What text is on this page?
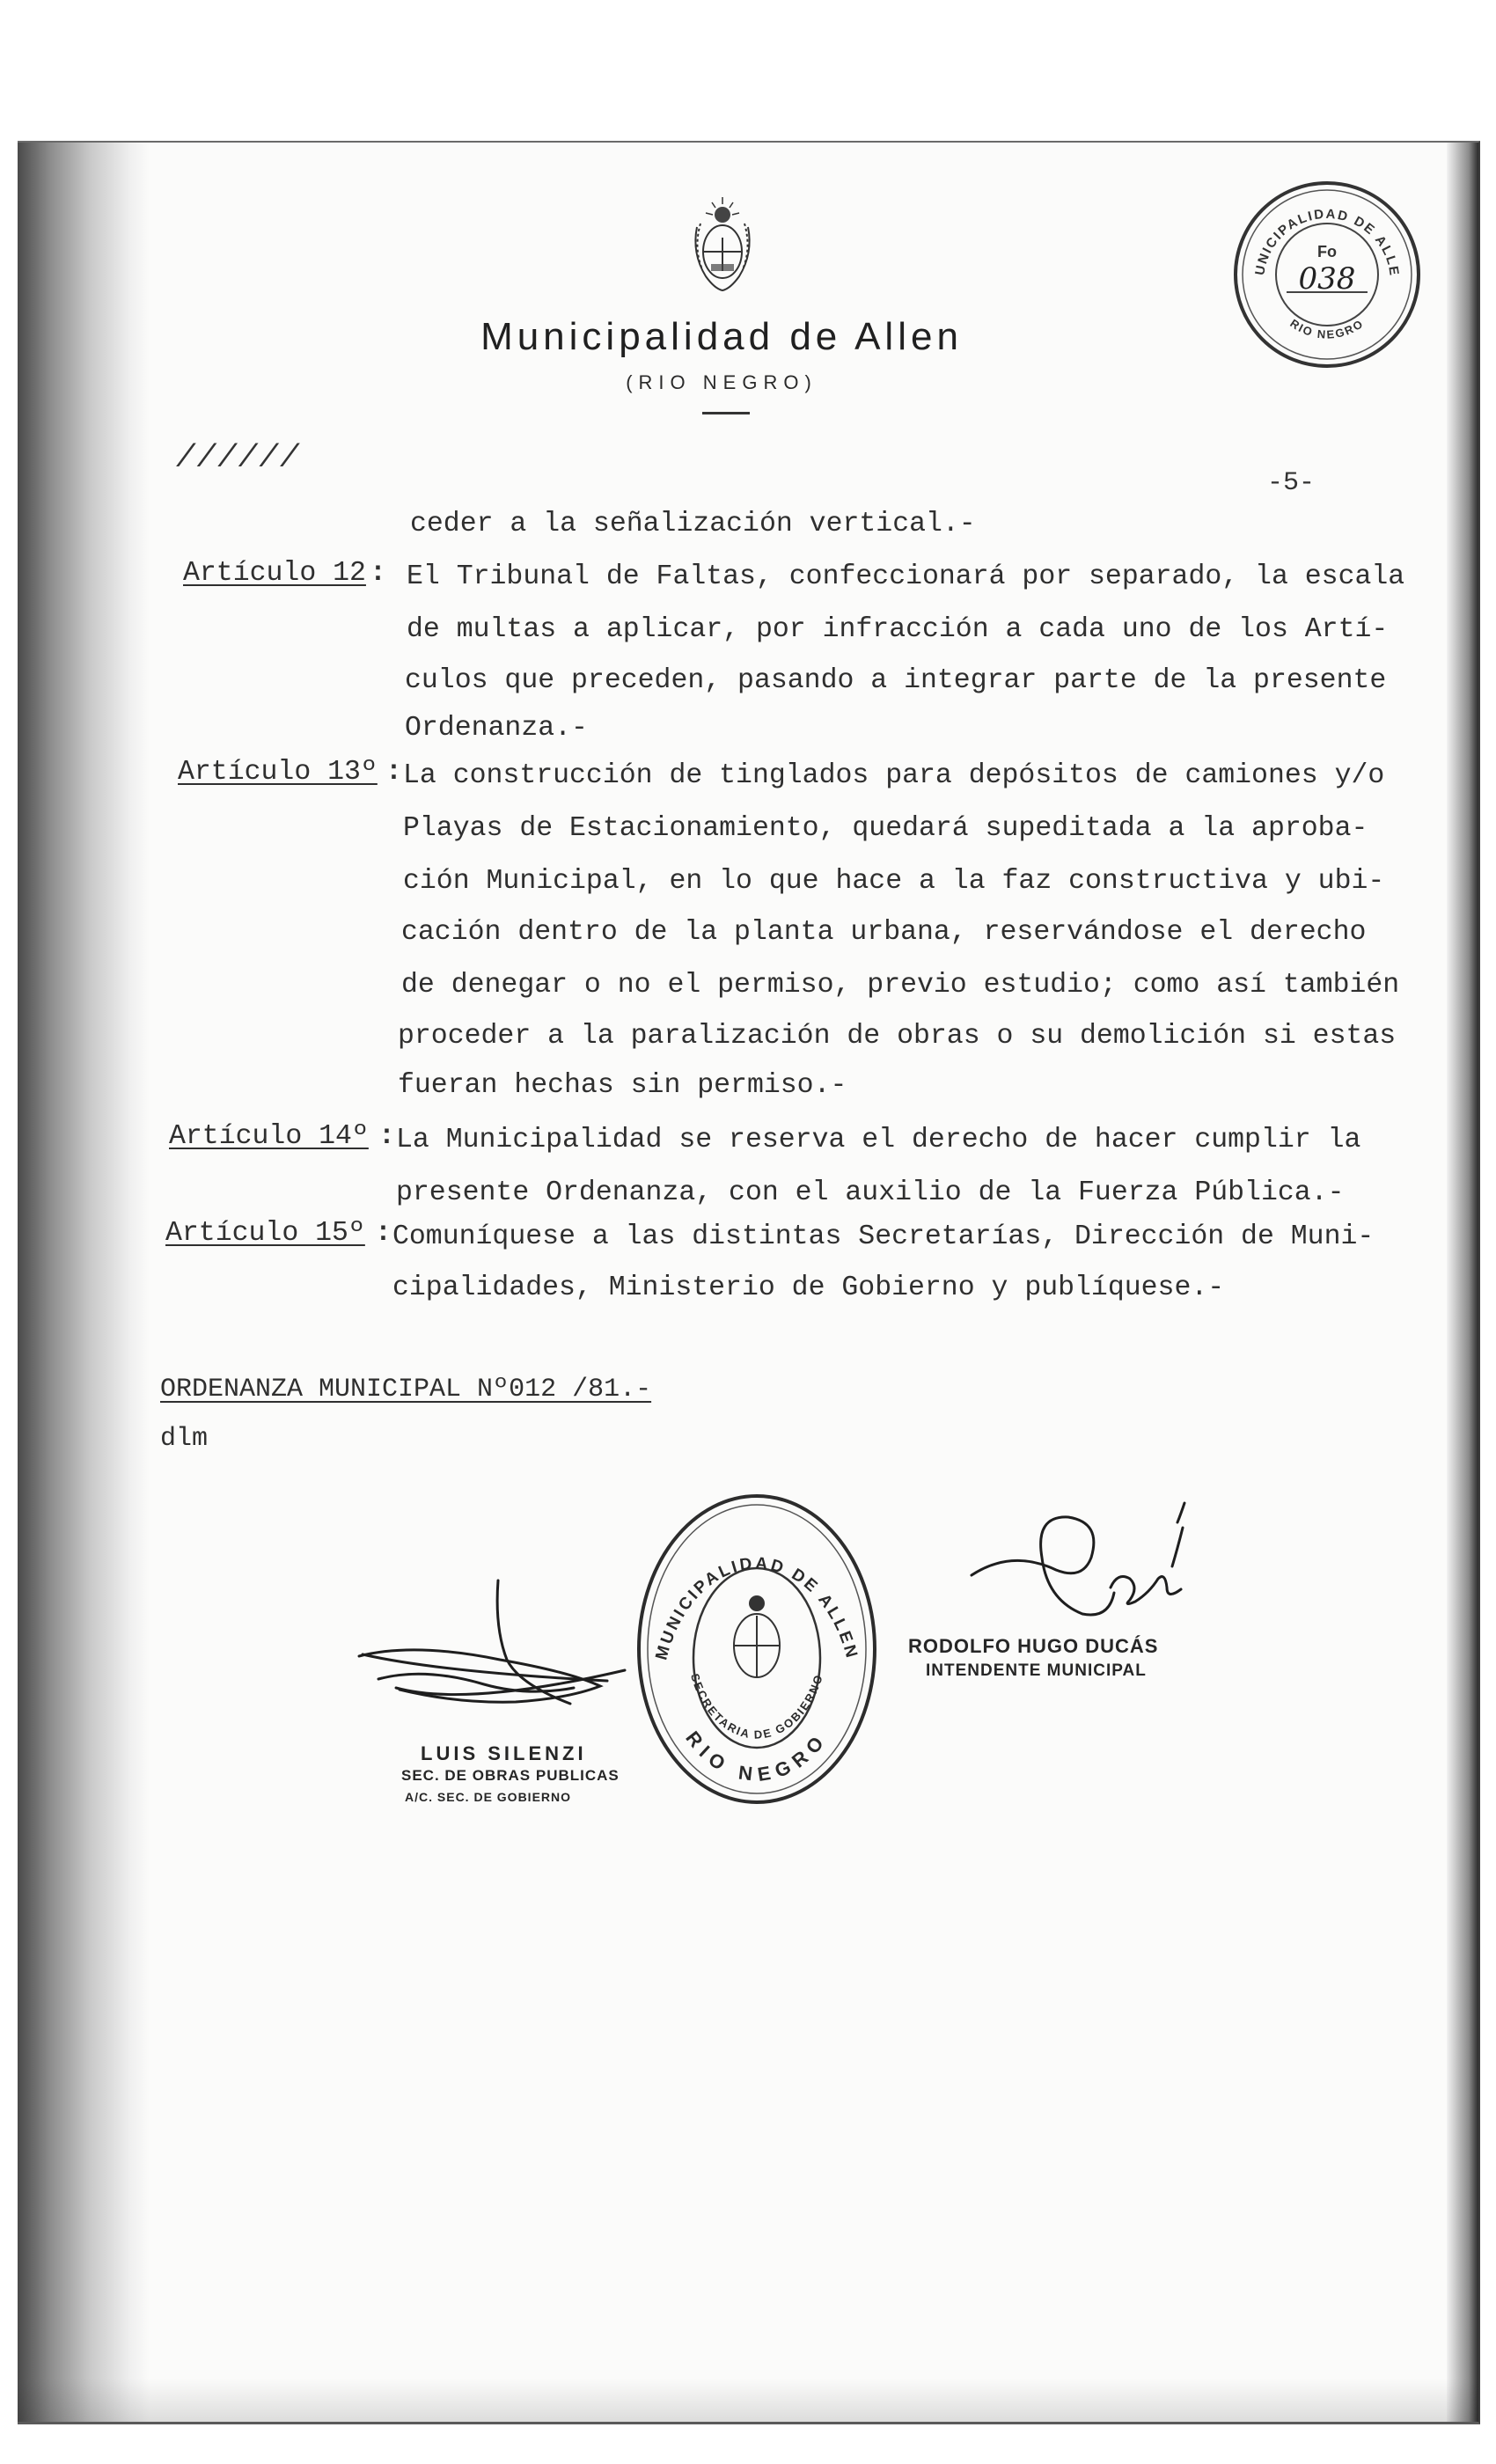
Municipalidad de Allen
(RIO NEGRO)
UNICIPALIDAD DE ALLE
RIO NEGRO
Fo
038
//////
-5-
ceder a la señalización vertical.-
Artículo 12 : El Tribunal de Faltas, confeccionará por separado, la escala
de multas a aplicar, por infracción a cada uno de los Artí-
culos que preceden, pasando a integrar parte de la presente
Ordenanza.-
Artículo 13º : La construcción de tinglados para depósitos de camiones y/o
Playas de Estacionamiento, quedará supeditada a la aproba-
ción Municipal, en lo que hace a la faz constructiva y ubi-
cación dentro de la planta urbana, reservándose el derecho
de denegar o no el permiso, previo estudio; como así también
proceder a la paralización de obras o su demolición si estas
fueran hechas sin permiso.-
Artículo 14º : La Municipalidad se reserva el derecho de hacer cumplir la
presente Ordenanza, con el auxilio de la Fuerza Pública.-
Artículo 15º : Comuníquese a las distintas Secretarías, Dirección de Muni-
cipalidades, Ministerio de Gobierno y publíquese.-
ORDENANZA MUNICIPAL Nº012 /81.-
dlm
LUIS SILENZI
SEC. DE OBRAS PUBLICAS
A/C. SEC. DE GOBIERNO
MUNICIPALIDAD DE ALLEN
RIO NEGRO
SECRETARIA DE GOBIERNO
RODOLFO HUGO DUCÁS
INTENDENTE MUNICIPAL
